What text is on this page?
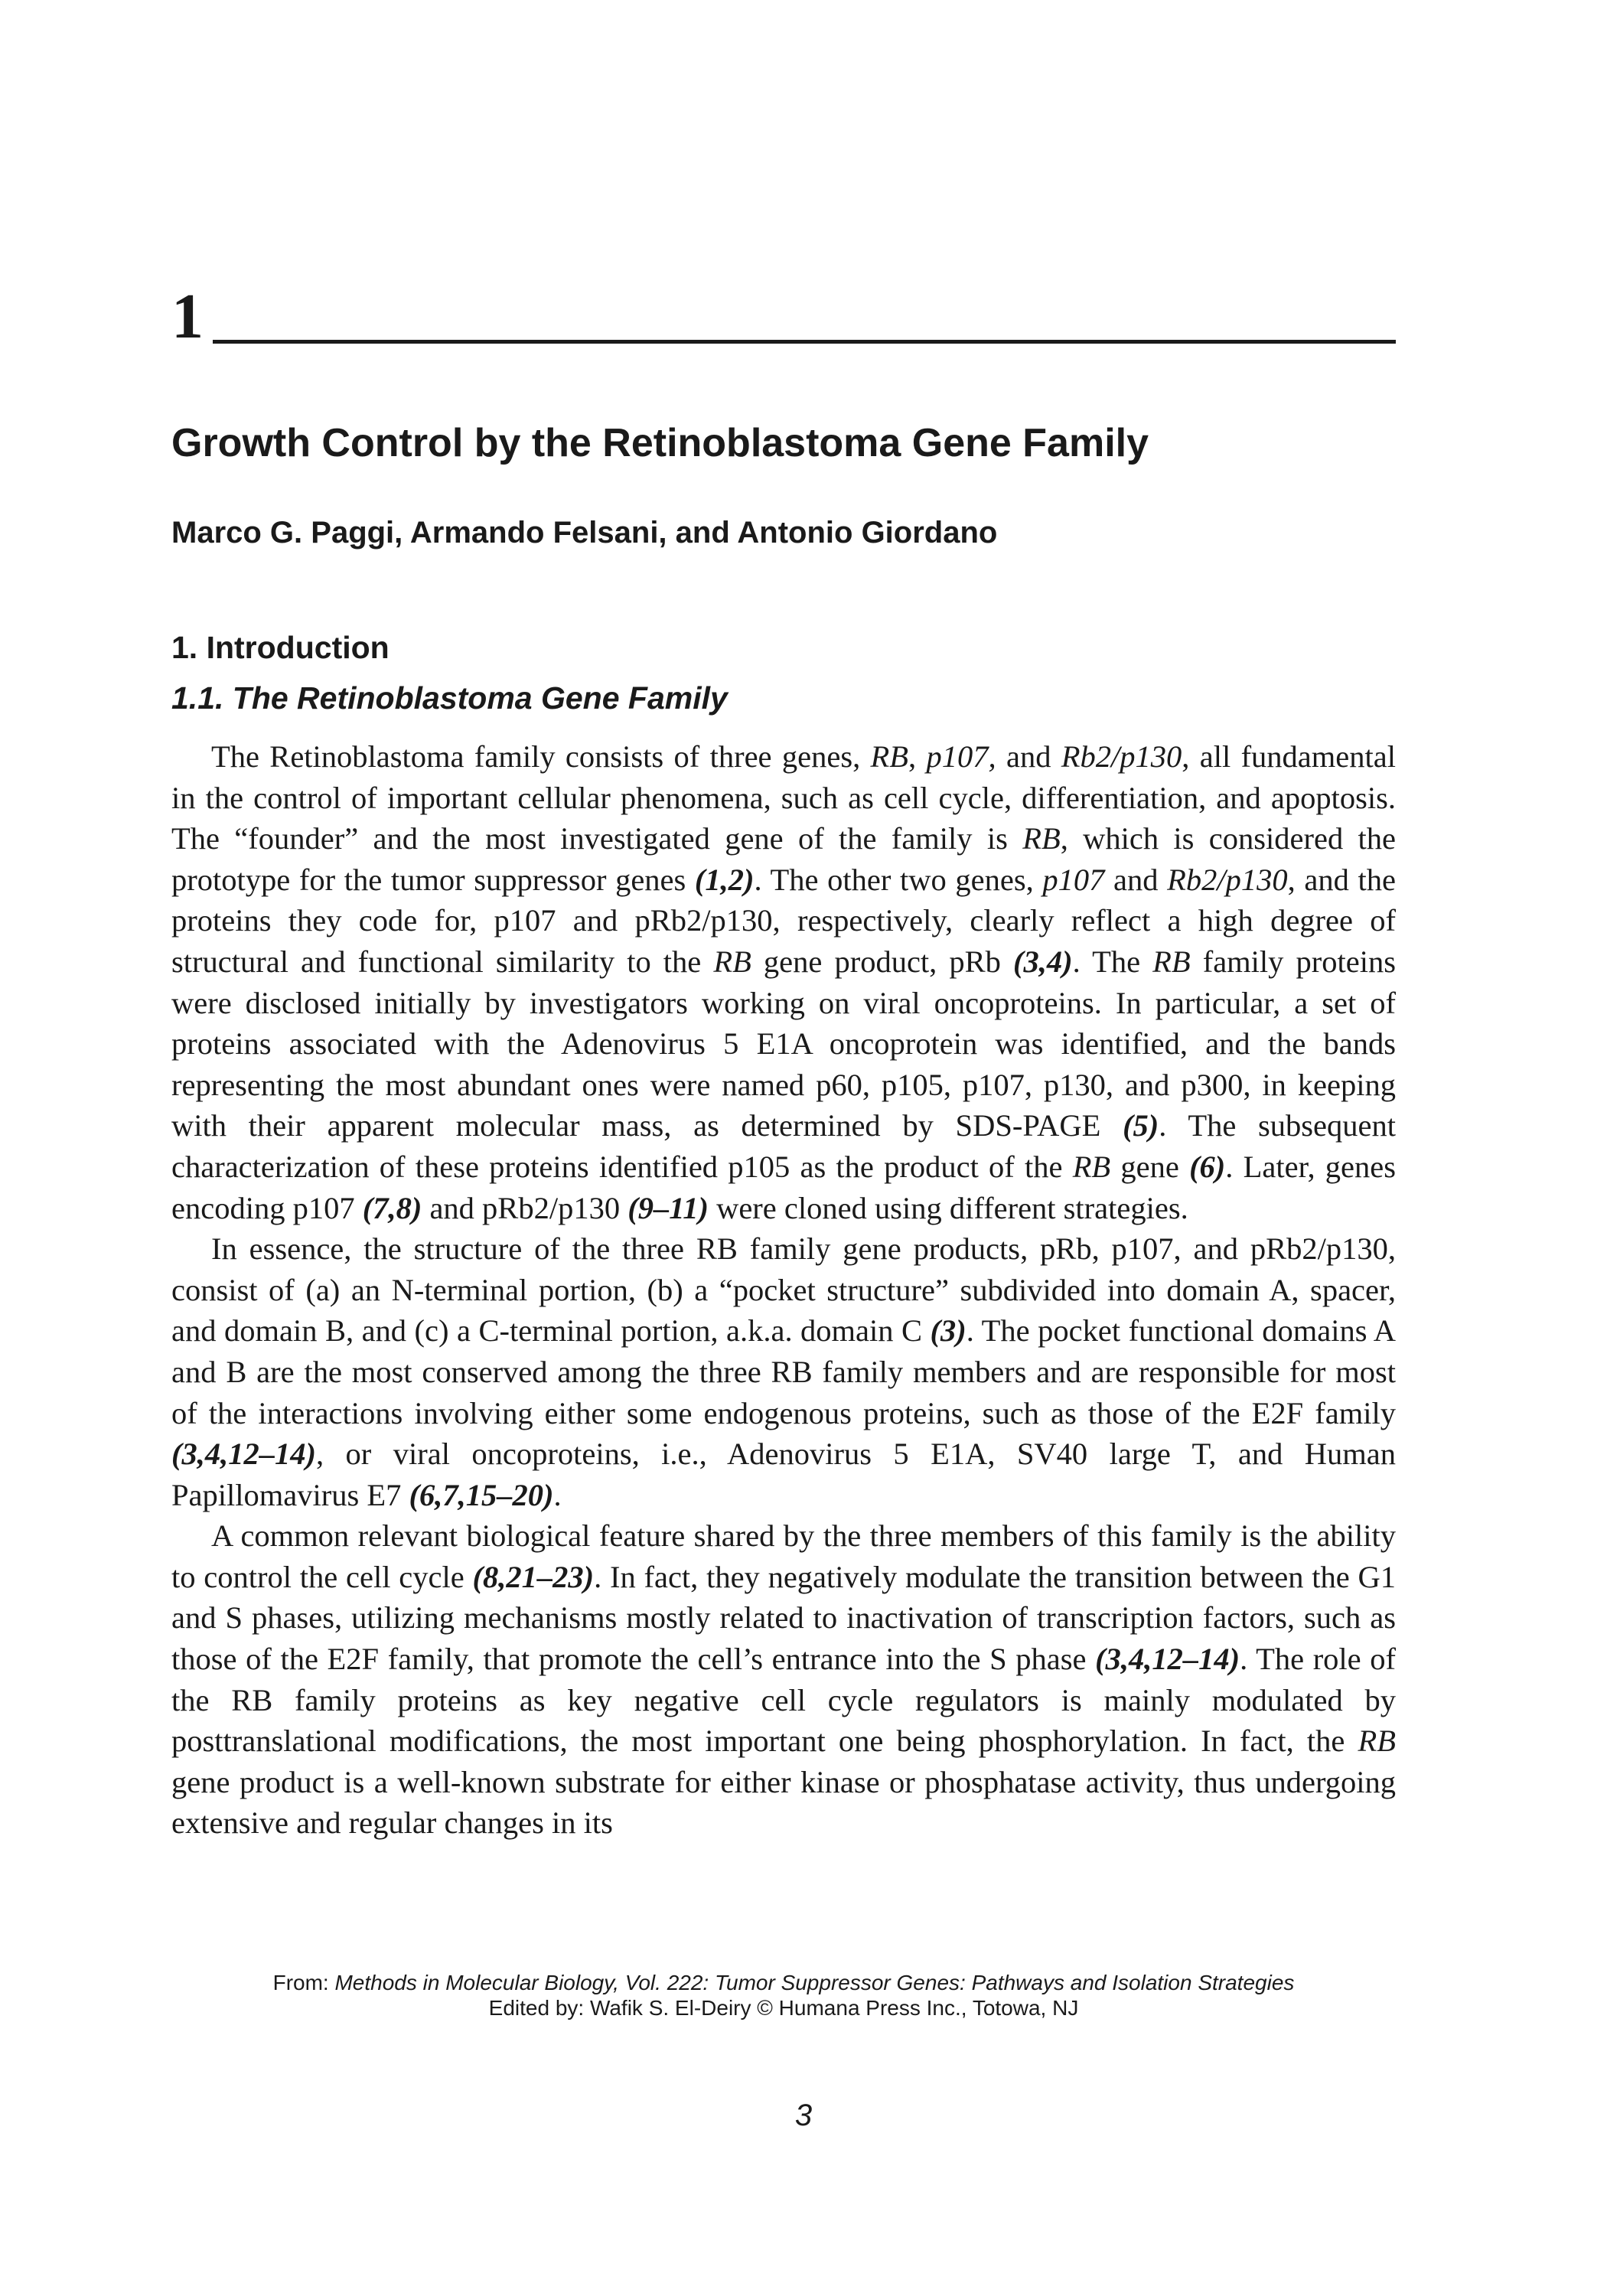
1
Growth Control by the Retinoblastoma Gene Family
Marco G. Paggi, Armando Felsani, and Antonio Giordano
1. Introduction
1.1. The Retinoblastoma Gene Family

The Retinoblastoma family consists of three genes, RB, p107, and Rb2/p130, all fundamental in the control of important cellular phenomena, such as cell cycle, differentiation, and apoptosis. The “founder” and the most investigated gene of the family is RB, which is considered the prototype for the tumor suppressor genes (1,2). The other two genes, p107 and Rb2/p130, and the proteins they code for, p107 and pRb2/p130, respectively, clearly reflect a high degree of structural and functional similarity to the RB gene product, pRb (3,4). The RB family proteins were disclosed initially by investigators working on viral oncoproteins. In particular, a set of proteins associated with the Adenovirus 5 E1A oncoprotein was identified, and the bands representing the most abundant ones were named p60, p105, p107, p130, and p300, in keeping with their apparent molecular mass, as determined by SDS-PAGE (5). The subsequent characterization of these proteins identified p105 as the product of the RB gene (6). Later, genes encoding p107 (7,8) and pRb2/p130 (9–11) were cloned using different strategies.

In essence, the structure of the three RB family gene products, pRb, p107, and pRb2/p130, consist of (a) an N-terminal portion, (b) a “pocket structure” subdivided into domain A, spacer, and domain B, and (c) a C-terminal portion, a.k.a. domain C (3). The pocket functional domains A and B are the most conserved among the three RB family members and are responsible for most of the interactions involving either some endogenous proteins, such as those of the E2F family (3,4,12–14), or viral oncoproteins, i.e., Adenovirus 5 E1A, SV40 large T, and Human Papillomavirus E7 (6,7,15–20).

A common relevant biological feature shared by the three members of this family is the ability to control the cell cycle (8,21–23). In fact, they negatively modulate the transition between the G1 and S phases, utilizing mechanisms mostly related to inactivation of transcription factors, such as those of the E2F family, that promote the cell’s entrance into the S phase (3,4,12–14). The role of the RB family proteins as key negative cell cycle regulators is mainly modulated by posttranslational modifications, the most important one being phosphorylation. In fact, the RB gene product is a well-known substrate for either kinase or phosphatase activity, thus undergoing extensive and regular changes in its

From: Methods in Molecular Biology, Vol. 222: Tumor Suppressor Genes: Pathways and Isolation Strategies
Edited by: Wafik S. El-Deiry © Humana Press Inc., Totowa, NJ
3
